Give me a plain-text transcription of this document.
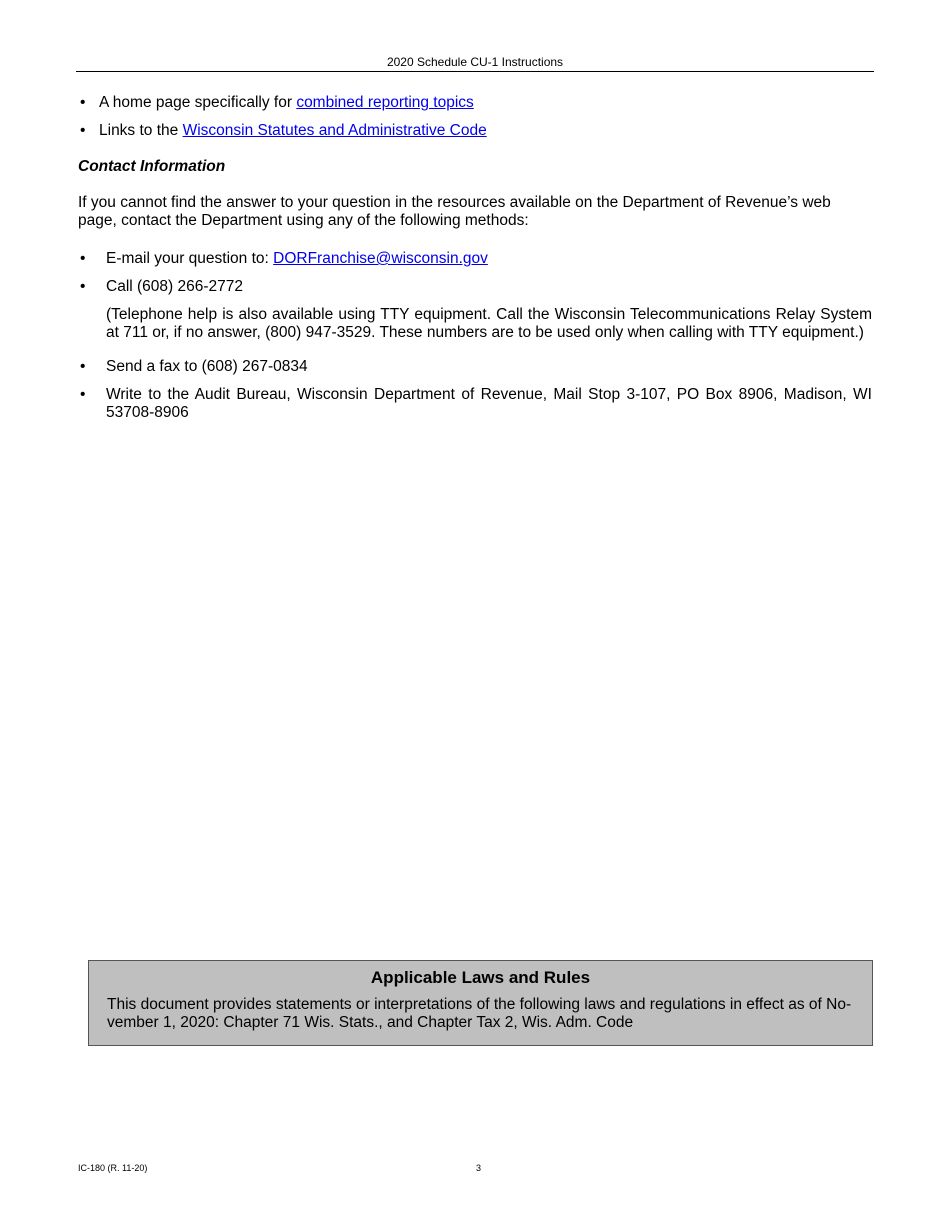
2020 Schedule CU-1 Instructions

• A home page specifically for combined reporting topics

• Links to the Wisconsin Statutes and Administrative Code

Contact Information
If you cannot find the answer to your question in the resources available on the Department of Revenue’s web page, contact the Department using any of the following methods:

• E-mail your question to: DORFranchise@wisconsin.gov

• Call (608) 266-2772

(Telephone help is also available using TTY equipment. Call the Wisconsin Telecommunications Relay System at 711 or, if no answer, (800) 947-3529. These numbers are to be used only when calling with TTY equipment.)

• Send a fax to (608) 267-0834

• Write to the Audit Bureau, Wisconsin Department of Revenue, Mail Stop 3-107, PO Box 8906, Madison, WI 53708-8906

Applicable Laws and Rules
This document provides statements or interpretations of the following laws and regulations in effect as of No-vember 1, 2020: Chapter 71 Wis. Stats., and Chapter Tax 2, Wis. Adm. Code
IC-180 (R. 11-20)	3
